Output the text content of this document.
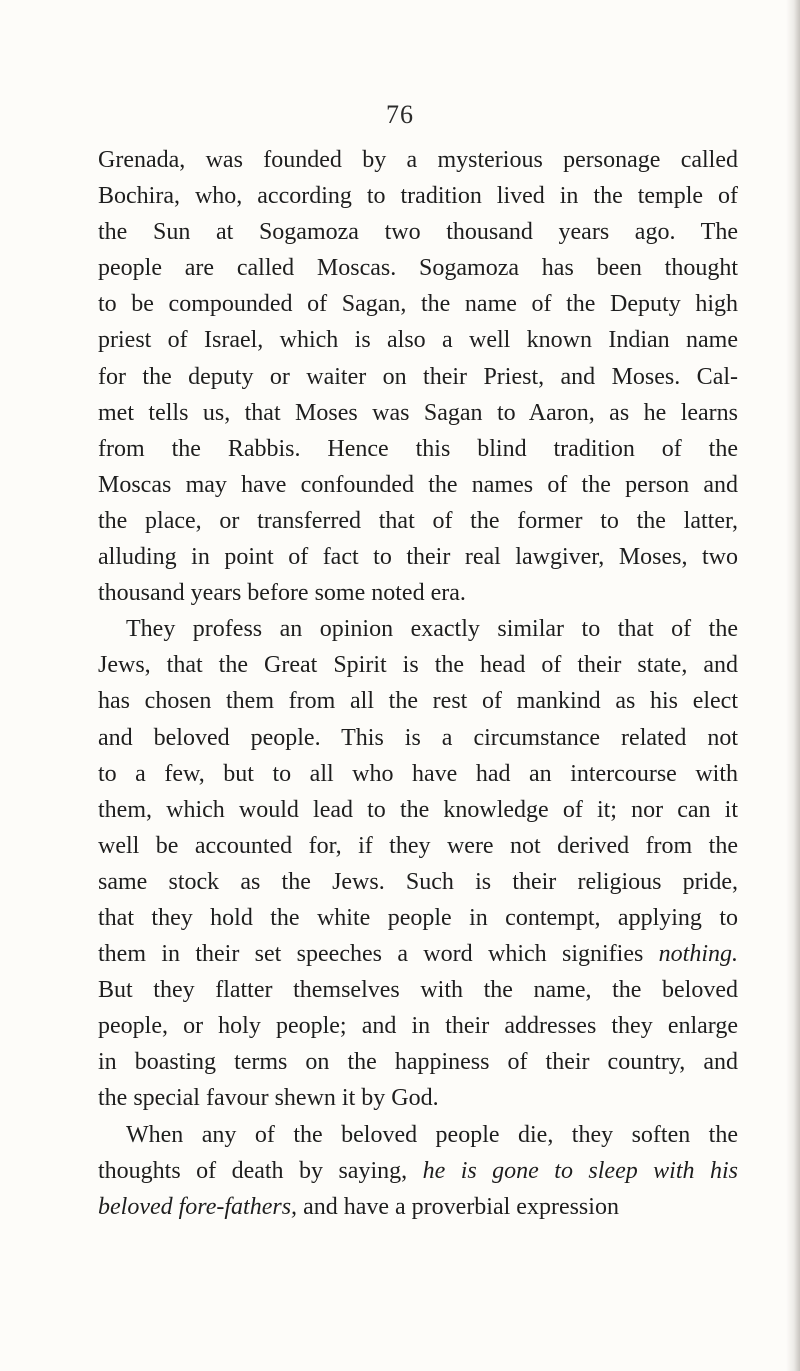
76
Grenada, was founded by a mysterious personage called
Bochira, who, according to tradition lived in the temple of
the Sun at Sogamoza two thousand years ago. The
people are called Moscas. Sogamoza has been thought
to be compounded of Sagan, the name of the Deputy high
priest of Israel, which is also a well known Indian name
for the deputy or waiter on their Priest, and Moses. Cal-
met tells us, that Moses was Sagan to Aaron, as he learns
from the Rabbis. Hence this blind tradition of the
Moscas may have confounded the names of the person and
the place, or transferred that of the former to the latter,
alluding in point of fact to their real lawgiver, Moses, two
thousand years before some noted era.
They profess an opinion exactly similar to that of the
Jews, that the Great Spirit is the head of their state, and
has chosen them from all the rest of mankind as his elect
and beloved people. This is a circumstance related not
to a few, but to all who have had an intercourse with
them, which would lead to the knowledge of it; nor can it
well be accounted for, if they were not derived from the
same stock as the Jews. Such is their religious pride,
that they hold the white people in contempt, applying to
them in their set speeches a word which signifies nothing.
But they flatter themselves with the name, the beloved
people, or holy people; and in their addresses they enlarge
in boasting terms on the happiness of their country, and
the special favour shewn it by God.
When any of the beloved people die, they soften the
thoughts of death by saying, he is gone to sleep with his
beloved fore-fathers, and have a proverbial expression
